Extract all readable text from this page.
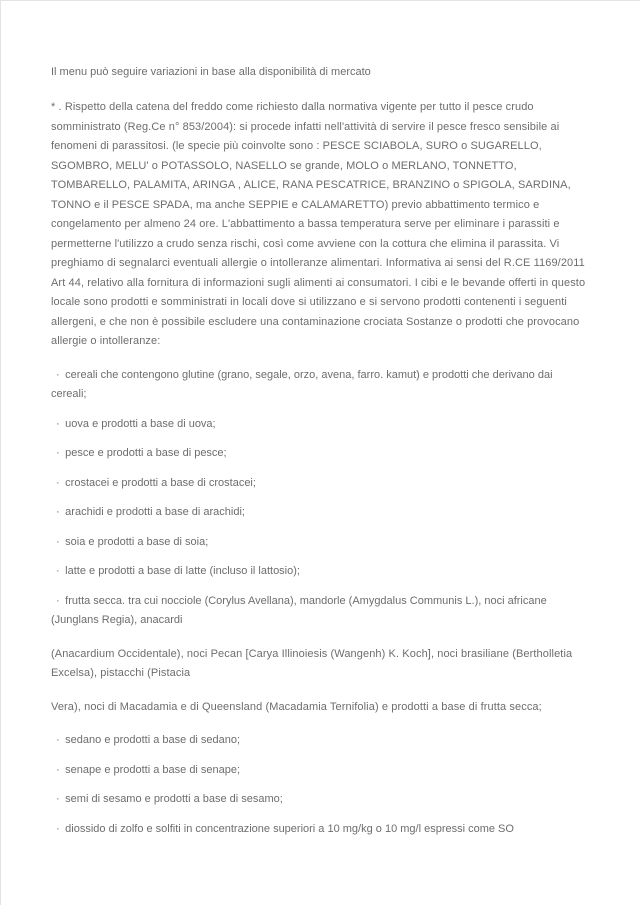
Il menu può seguire variazioni in base alla disponibilità di mercato

* . Rispetto della catena del freddo come richiesto dalla normativa vigente per tutto il pesce crudo somministrato (Reg.Ce n° 853/2004): si procede infatti nell'attività di servire il pesce fresco sensibile ai fenomeni di parassitosi. (le specie più coinvolte sono : PESCE SCIABOLA, SURO o SUGARELLO, SGOMBRO, MELU' o POTASSOLO, NASELLO se grande, MOLO o MERLANO, TONNETTO, TOMBARELLO, PALAMITA, ARINGA , ALICE, RANA PESCATRICE, BRANZINO o SPIGOLA, SARDINA, TONNO e il PESCE SPADA, ma anche SEPPIE e CALAMARETTO) previo abbattimento termico e congelamento per almeno 24 ore. L'abbattimento a bassa temperatura serve per eliminare i parassiti e permetterne l'utilizzo a crudo senza rischi, così come avviene con la cottura che elimina il parassita. Vi preghiamo di segnalarci eventuali allergie o intolleranze alimentari. Informativa ai sensi del R.CE 1169/2011 Art 44, relativo alla fornitura di informazioni sugli alimenti ai consumatori. I cibi e le bevande offerti in questo locale sono prodotti e somministrati in locali dove si utilizzano e si servono prodotti contenenti i seguenti allergeni, e che non è possibile escludere una contaminazione crociata Sostanze o prodotti che provocano allergie o intolleranze:

· cereali che contengono glutine (grano, segale, orzo, avena, farro. kamut) e prodotti che derivano dai cereali;
· uova e prodotti a base di uova;
· pesce e prodotti a base di pesce;
· crostacei e prodotti a base di crostacei;
· arachidi e prodotti a base di arachidi;
· soia e prodotti a base di soia;
· latte e prodotti a base di latte (incluso il lattosio);
· frutta secca. tra cui nocciole (Corylus Avellana), mandorle (Amygdalus Communis L.), noci africane (Junglans Regia), anacardi

(Anacardium Occidentale), noci Pecan [Carya Illinoiesis (Wangenh) K. Koch], noci brasiliane (Bertholletia Excelsa), pistacchi (Pistacia

Vera), noci di Macadamia e di Queensland (Macadamia Ternifolia) e prodotti a base di frutta secca;

· sedano e prodotti a base di sedano;
· senape e prodotti a base di senape;
· semi di sesamo e prodotti a base di sesamo;
· diossido di zolfo e solfiti in concentrazione superiori a 10 mg/kg o 10 mg/l espressi come SO
